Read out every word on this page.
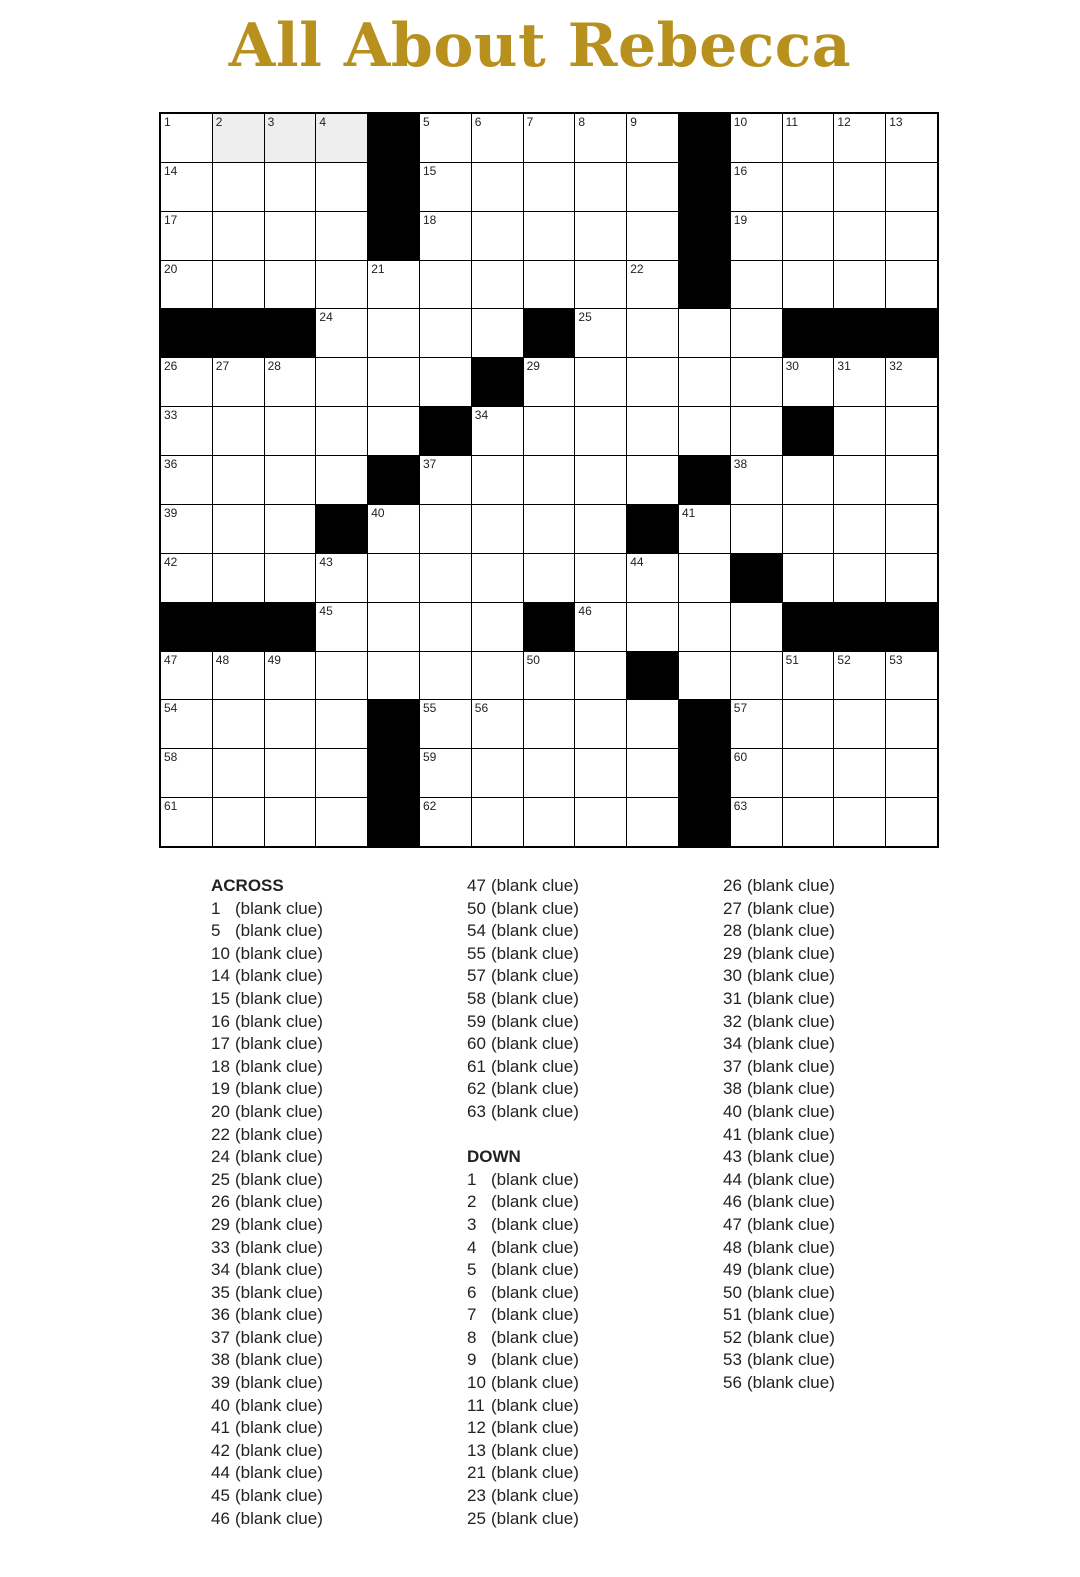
All About Rebecca
1	2	3	4	5	6	7	8	9	10	11	12	13
14	15	16
17	18	19
20	21	22
24	25
26	27	28	29	30	31	32
33	34
36	37	38
39	40	41
42	43	44
45	46
47	48	49	50	51	52	53
54	55	56	57
58	59	60
61	62	63
ACROSS
1 (blank clue)
5 (blank clue)
10 (blank clue)
14 (blank clue)
15 (blank clue)
16 (blank clue)
17 (blank clue)
18 (blank clue)
19 (blank clue)
20 (blank clue)
22 (blank clue)
24 (blank clue)
25 (blank clue)
26 (blank clue)
29 (blank clue)
33 (blank clue)
34 (blank clue)
35 (blank clue)
36 (blank clue)
37 (blank clue)
38 (blank clue)
39 (blank clue)
40 (blank clue)
41 (blank clue)
42 (blank clue)
44 (blank clue)
45 (blank clue)
46 (blank clue)
47 (blank clue)
50 (blank clue)
54 (blank clue)
55 (blank clue)
57 (blank clue)
58 (blank clue)
59 (blank clue)
60 (blank clue)
61 (blank clue)
62 (blank clue)
63 (blank clue)
DOWN
1 (blank clue)
2 (blank clue)
3 (blank clue)
4 (blank clue)
5 (blank clue)
6 (blank clue)
7 (blank clue)
8 (blank clue)
9 (blank clue)
10 (blank clue)
11 (blank clue)
12 (blank clue)
13 (blank clue)
21 (blank clue)
23 (blank clue)
25 (blank clue)
26 (blank clue)
27 (blank clue)
28 (blank clue)
29 (blank clue)
30 (blank clue)
31 (blank clue)
32 (blank clue)
34 (blank clue)
37 (blank clue)
38 (blank clue)
40 (blank clue)
41 (blank clue)
43 (blank clue)
44 (blank clue)
46 (blank clue)
47 (blank clue)
48 (blank clue)
49 (blank clue)
50 (blank clue)
51 (blank clue)
52 (blank clue)
53 (blank clue)
56 (blank clue)
